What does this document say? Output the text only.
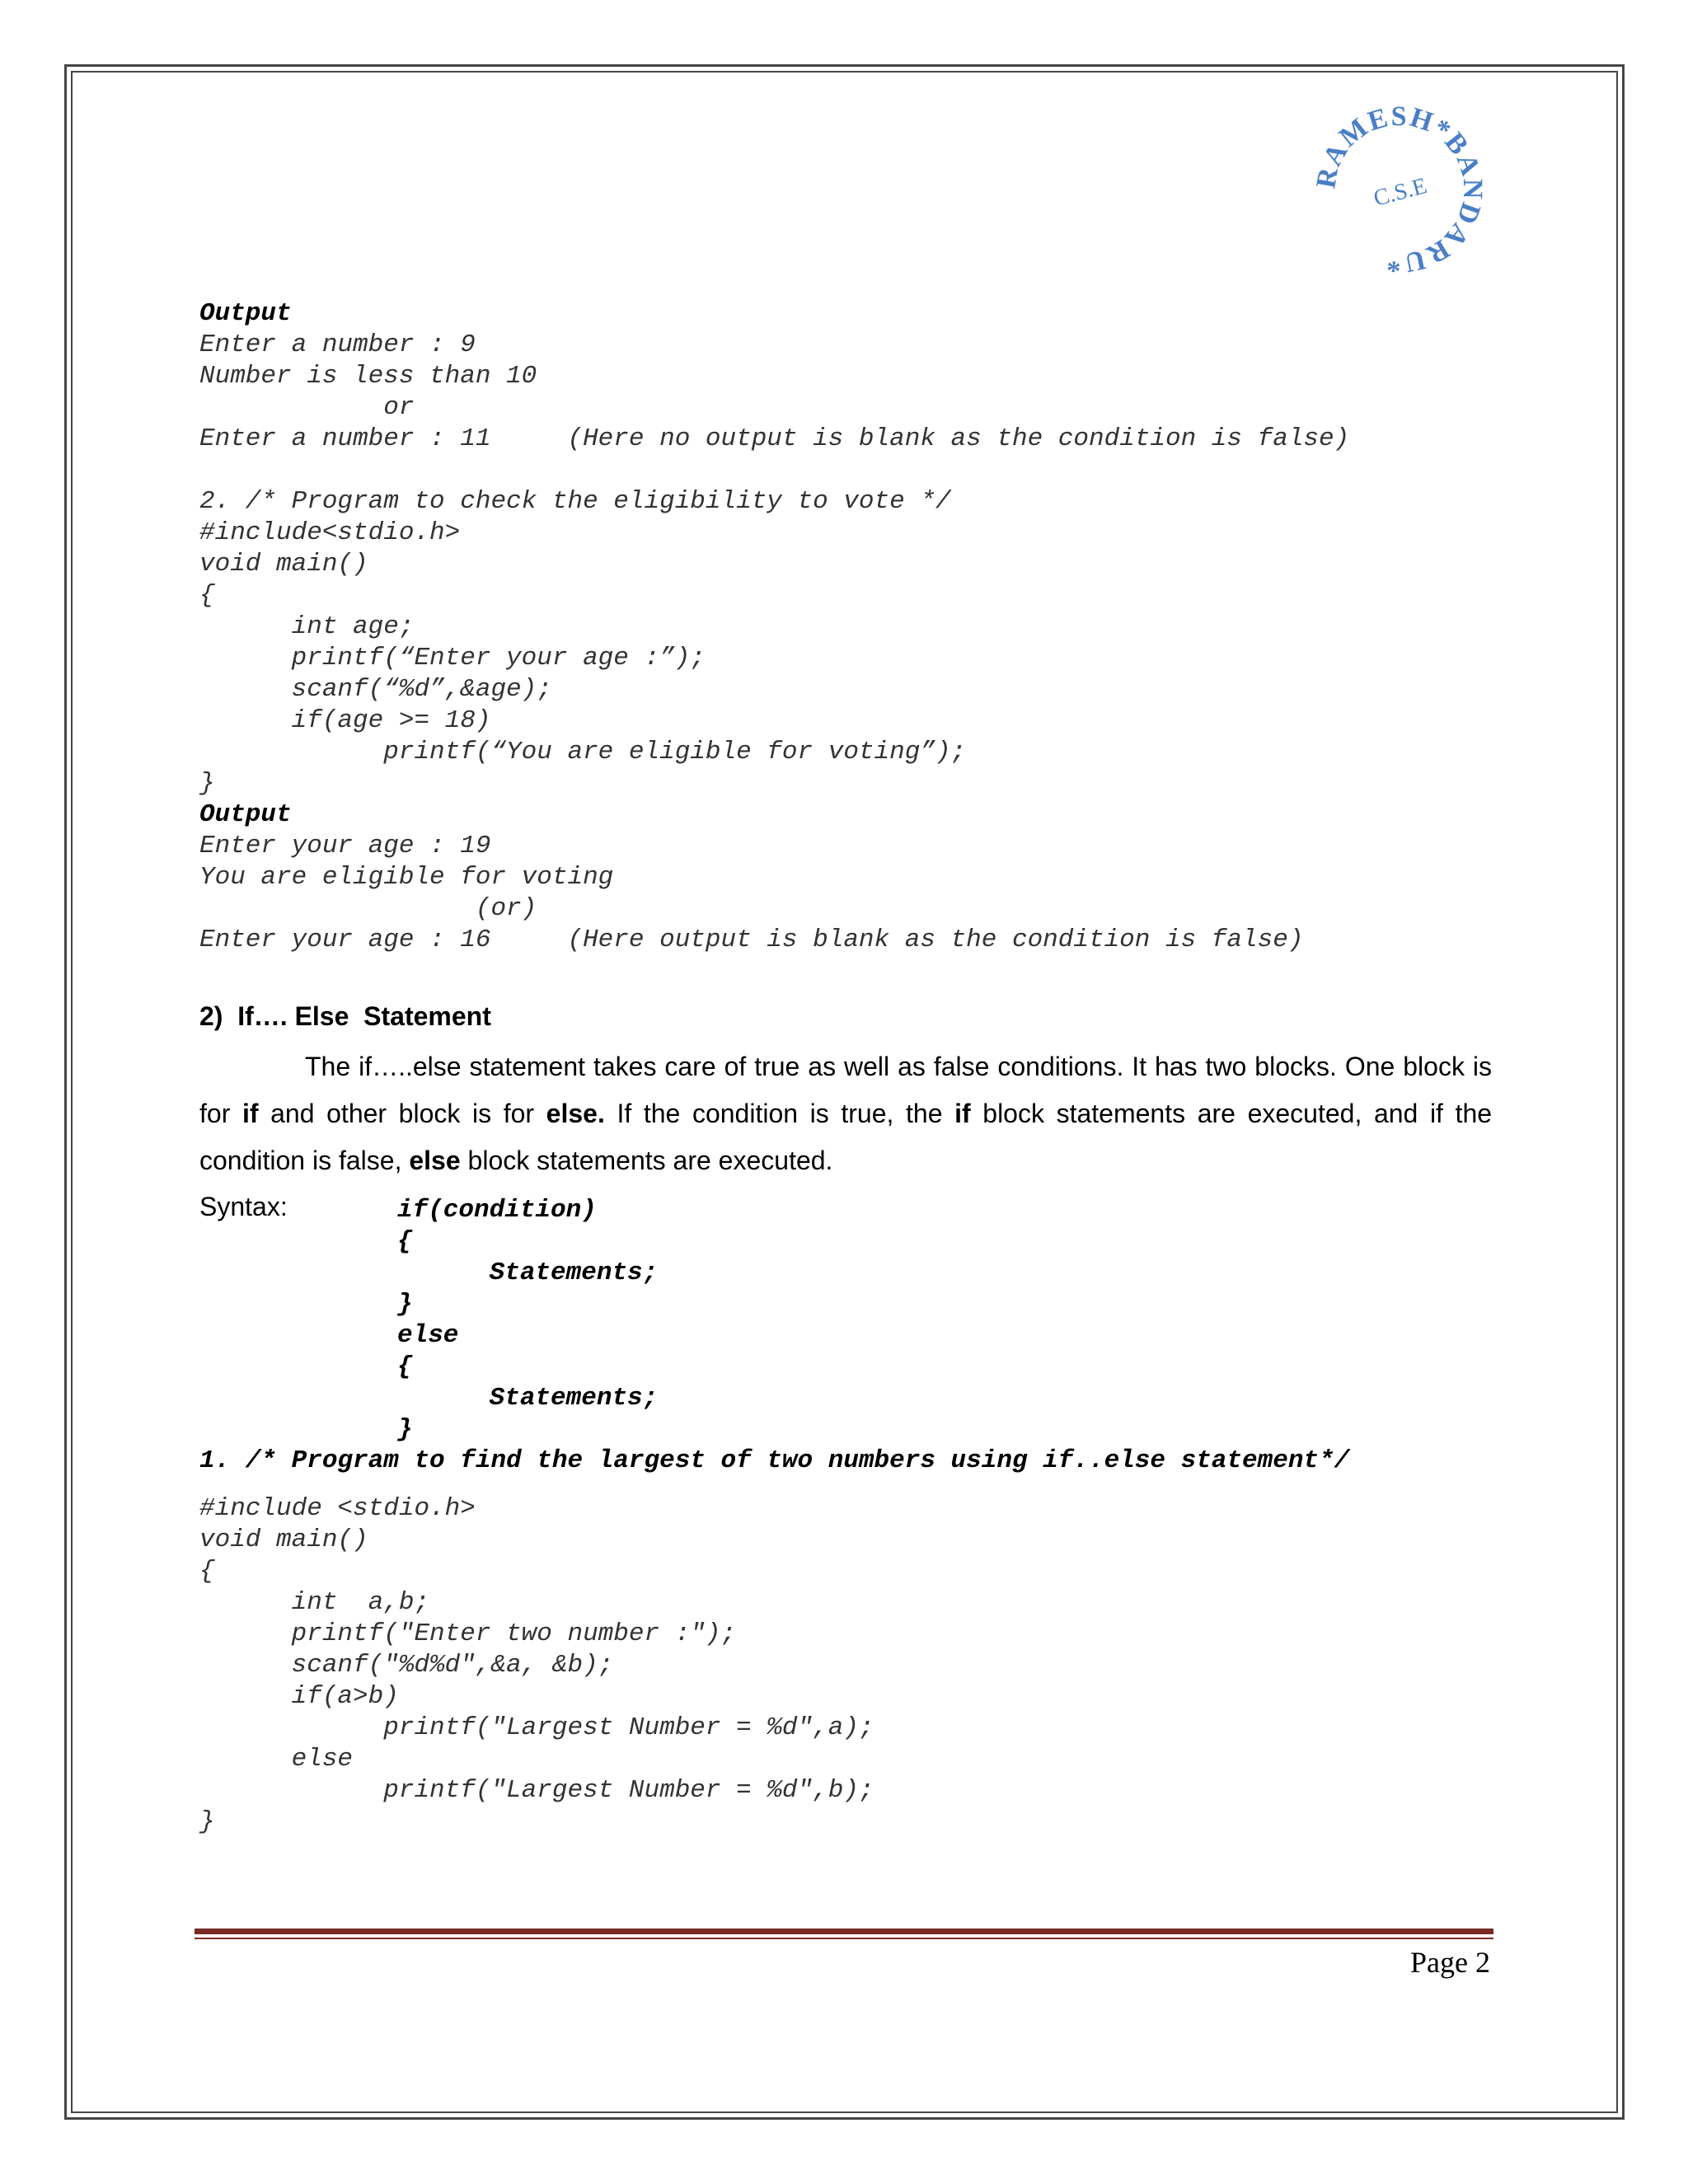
RAMESH*BANDARU*
C.S.E
Output
Enter a number : 9
Number is less than 10
or
Enter a number : 11     (Here no output is blank as the condition is false)
2. /* Program to check the eligibility to vote */
#include<stdio.h>
void main()
{
int age;
printf(“Enter your age :”);
scanf(“%d”,&age);
if(age >= 18)
printf(“You are eligible for voting”);
}
Output
Enter your age : 19
You are eligible for voting
(or)
Enter your age : 16     (Here output is blank as the condition is false)
2)  If…. Else  Statement

The if…..else statement takes care of true as well as false conditions. It has two blocks. One block is for if and other block is for else. If the condition is true, the if block statements are executed, and if the condition is false, else block statements are executed.

Syntax:	if(condition)
{
Statements;
}
else
{
Statements;
}
1. /* Program to find the largest of two numbers using if..else statement*/
#include <stdio.h>
void main()
{
int  a,b;
printf("Enter two number :");
scanf("%d%d",&a, &b);
if(a>b)
printf("Largest Number = %d",a);
else
printf("Largest Number = %d",b);
}
Page 2
